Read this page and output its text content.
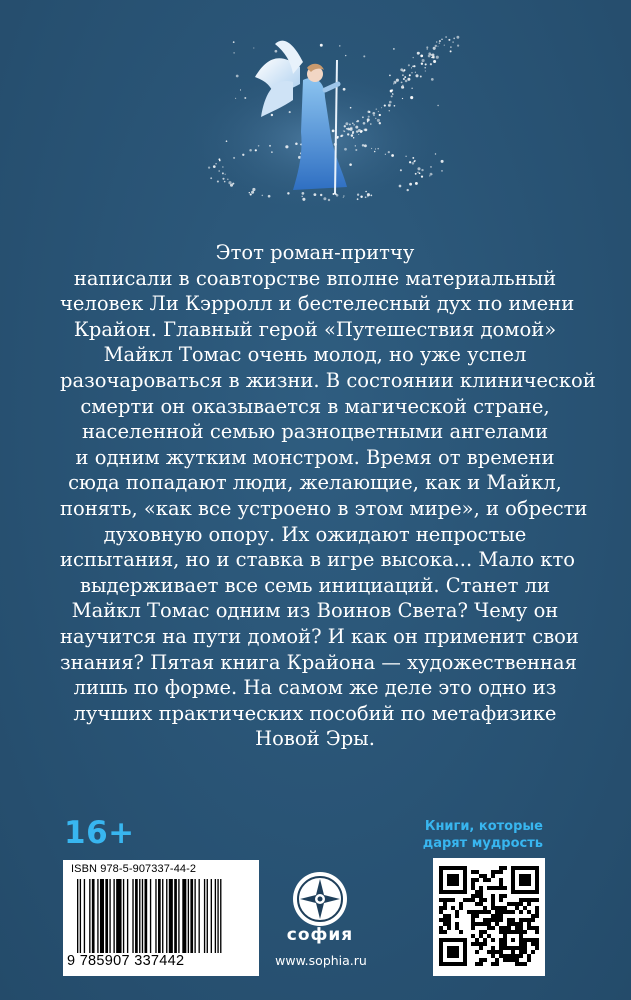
Этот роман-притчу
написали в соавторстве вполне материальный
человек Ли Кэрролл и бестелесный дух по имени
Крайон. Главный герой «Путешествия домой»
Майкл Томас очень молод, но уже успел
разочароваться в жизни. В состоянии клинической
смерти он оказывается в магической стране,
населенной семью разноцветными ангелами
и одним жутким монстром. Время от времени
сюда попадают люди, желающие, как и Майкл,
понять, «как все устроено в этом мире», и обрести
духовную опору. Их ожидают непростые
испытания, но и ставка в игре высока... Мало кто
выдерживает все семь инициаций. Станет ли
Майкл Томас одним из Воинов Света? Чему он
научится на пути домой? И как он применит свои
знания? Пятая книга Крайона — художественная
лишь по форме. На самом же деле это одно из
лучших практических пособий по метафизике
Новой Эры.

16+	Книги, которые
дарят мудрость
ISBN 978-5-907337-44-2
9 785907 337442
софия
www.sophia.ru
